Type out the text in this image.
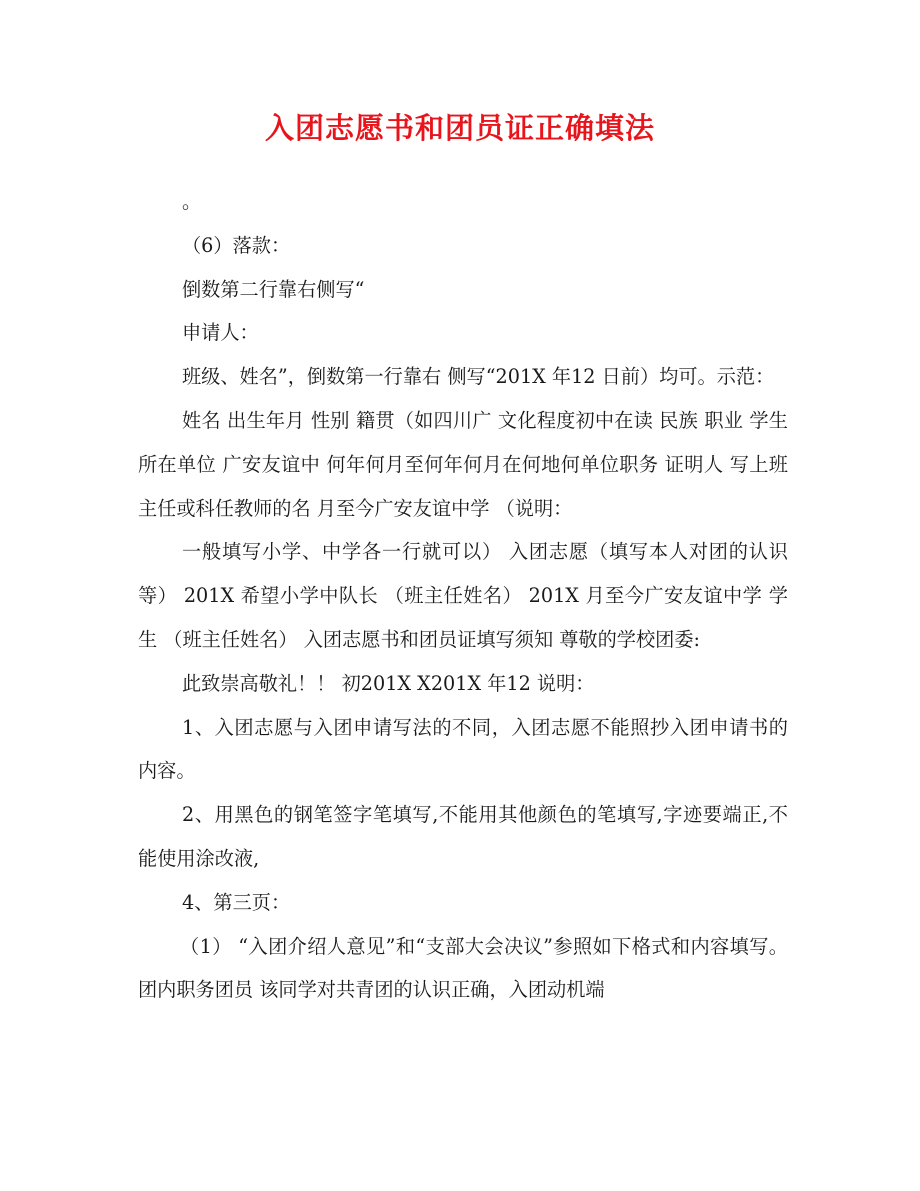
入团志愿书和团员证正确填法

。

（6）落款：

倒数第二行靠右侧写“

申请人：

班级、姓名”，倒数第一行靠右 侧写“201X 年12 日前）均可。示范：

姓名 出生年月 性别 籍贯（如四川广 文化程度初中在读 民族 职业 学生 所在单位 广安友谊中 何年何月至何年何月在何地何单位职务 证明人 写上班主任或科任教师的名 月至今广安友谊中学 （说明：

一般填写小学、中学各一行就可以） 入团志愿（填写本人对团的认识等） 201X 希望小学中队长 （班主任姓名） 201X 月至今广安友谊中学 学生 （班主任姓名） 入团志愿书和团员证填写须知 尊敬的学校团委:

此致崇高敬礼！！ 初201X X201X 年12 说明：

1、入团志愿与入团申请写法的不同，入团志愿不能照抄入团申请书的内容。

2、用黑色的钢笔签字笔填写,不能用其他颜色的笔填写,字迹要端正,不能使用涂改液,

4、第三页：

（1） “入团介绍人意见”和“支部大会决议”参照如下格式和内容填写。团内职务团员 该同学对共青团的认识正确，入团动机端
